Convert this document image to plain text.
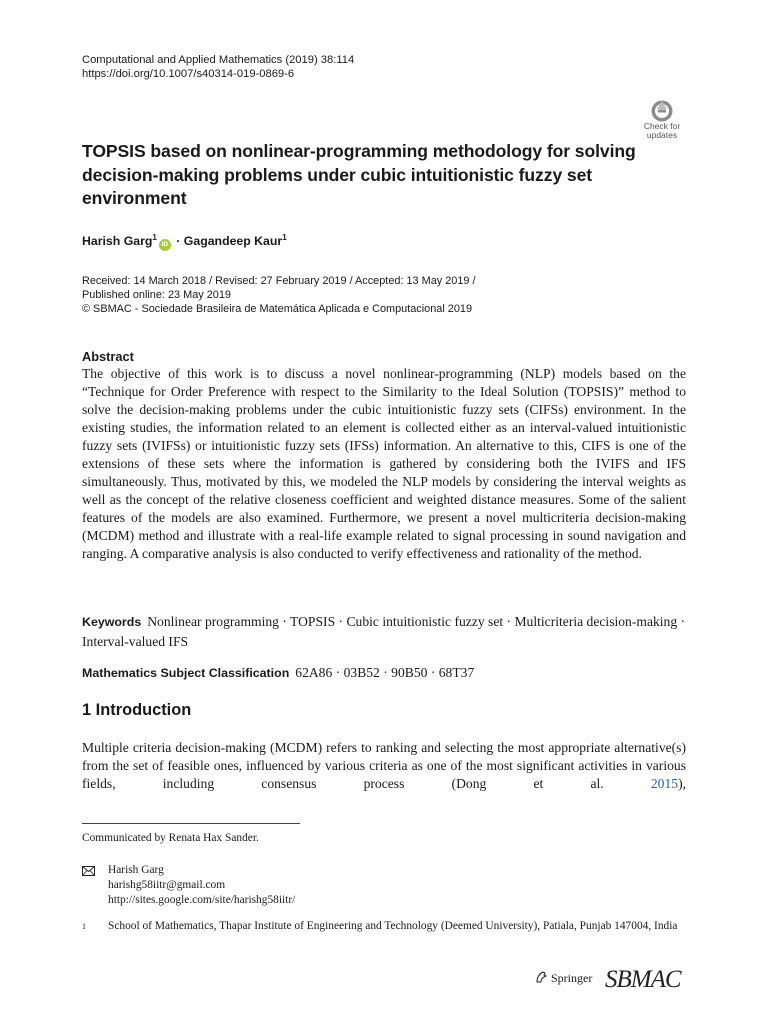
Computational and Applied Mathematics (2019) 38:114
https://doi.org/10.1007/s40314-019-0869-6
Check for
updates
TOPSIS based on nonlinear-programming methodology for solving decision-making problems under cubic intuitionistic fuzzy set environment
Harish Garg$^1$iD · Gagandeep Kaur$^1$
Received: 14 March 2018 / Revised: 27 February 2019 / Accepted: 13 May 2019 /
Published online: 23 May 2019
© SBMAC - Sociedade Brasileira de Matemática Aplicada e Computacional 2019
Abstract
The objective of this work is to discuss a novel nonlinear-programming (NLP) models based on the “Technique for Order Preference with respect to the Similarity to the Ideal Solution (TOPSIS)” method to solve the decision-making problems under the cubic intuitionistic fuzzy sets (CIFSs) environment. In the existing studies, the information related to an element is collected either as an interval-valued intuitionistic fuzzy sets (IVIFSs) or intuitionistic fuzzy sets (IFSs) information. An alternative to this, CIFS is one of the extensions of these sets where the information is gathered by considering both the IVIFS and IFS simultaneously. Thus, motivated by this, we modeled the NLP models by considering the interval weights as well as the concept of the relative closeness coefficient and weighted distance measures. Some of the salient features of the models are also examined. Furthermore, we present a novel multicriteria decision-making (MCDM) method and illustrate with a real-life example related to signal processing in sound navigation and ranging. A comparative analysis is also conducted to verify effectiveness and rationality of the method.
Keywords Nonlinear programming · TOPSIS · Cubic intuitionistic fuzzy set · Multicriteria decision-making · Interval-valued IFS
Mathematics Subject Classification 62A86 · 03B52 · 90B50 · 68T37
1 Introduction
Multiple criteria decision-making (MCDM) refers to ranking and selecting the most appropriate alternative(s) from the set of feasible ones, influenced by various criteria as one of the most significant activities in various fields, including consensus process (Dong et al.	2015),
Communicated by Renata Hax Sander.
Harish Garg
harishg58iitr@gmail.com
http://sites.google.com/site/harishg58iitr/
1 School of Mathematics, Thapar Institute of Engineering and Technology (Deemed University), Patiala, Punjab 147004, India
Springer SBMAC
